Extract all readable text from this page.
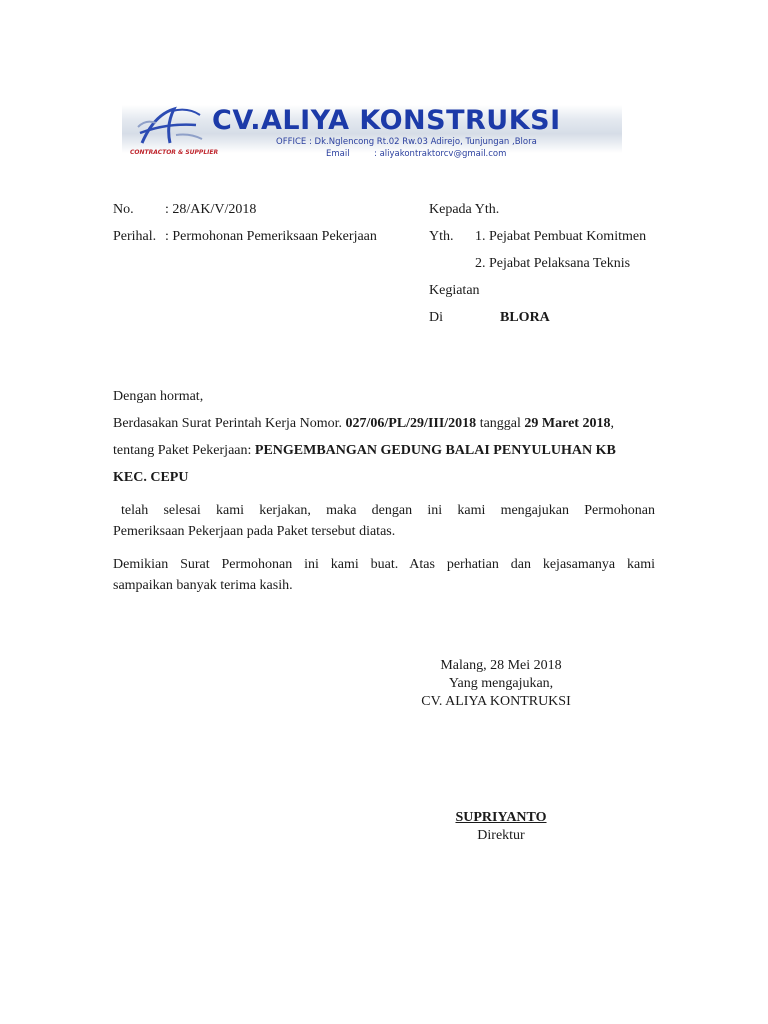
CV.ALIYA KONSTRUKSI
OFFICE : Dk.Nglencong Rt.02 Rw.03 Adirejo, Tunjungan ,Blora
Email	: aliyakontraktorcv@gmail.com
CONTRACTOR & SUPPLIER
No. : 28/AK/V/2018
Perihal. : Permohonan Pemeriksaan Pekerjaan
Kepada Yth.
Yth. 1. Pejabat Pembuat Komitmen
2. Pejabat Pelaksana Teknis
Kegiatan
Di	BLORA
Dengan hormat,
Berdasakan Surat Perintah Kerja Nomor. 027/06/PL/29/III/2018 tanggal 29 Maret 2018,
tentang Paket Pekerjaan: PENGEMBANGAN GEDUNG BALAI PENYULUHAN KB
KEC. CEPU
telah selesai kami kerjakan, maka dengan ini kami mengajukan Permohonan
Pemeriksaan Pekerjaan pada Paket tersebut diatas.
Demikian Surat Permohonan ini kami buat. Atas perhatian dan kejasamanya kami
sampaikan banyak terima kasih.
Malang, 28 Mei 2018
Yang mengajukan,
CV. ALIYA KONTRUKSI
SUPRIYANTO
Direktur
